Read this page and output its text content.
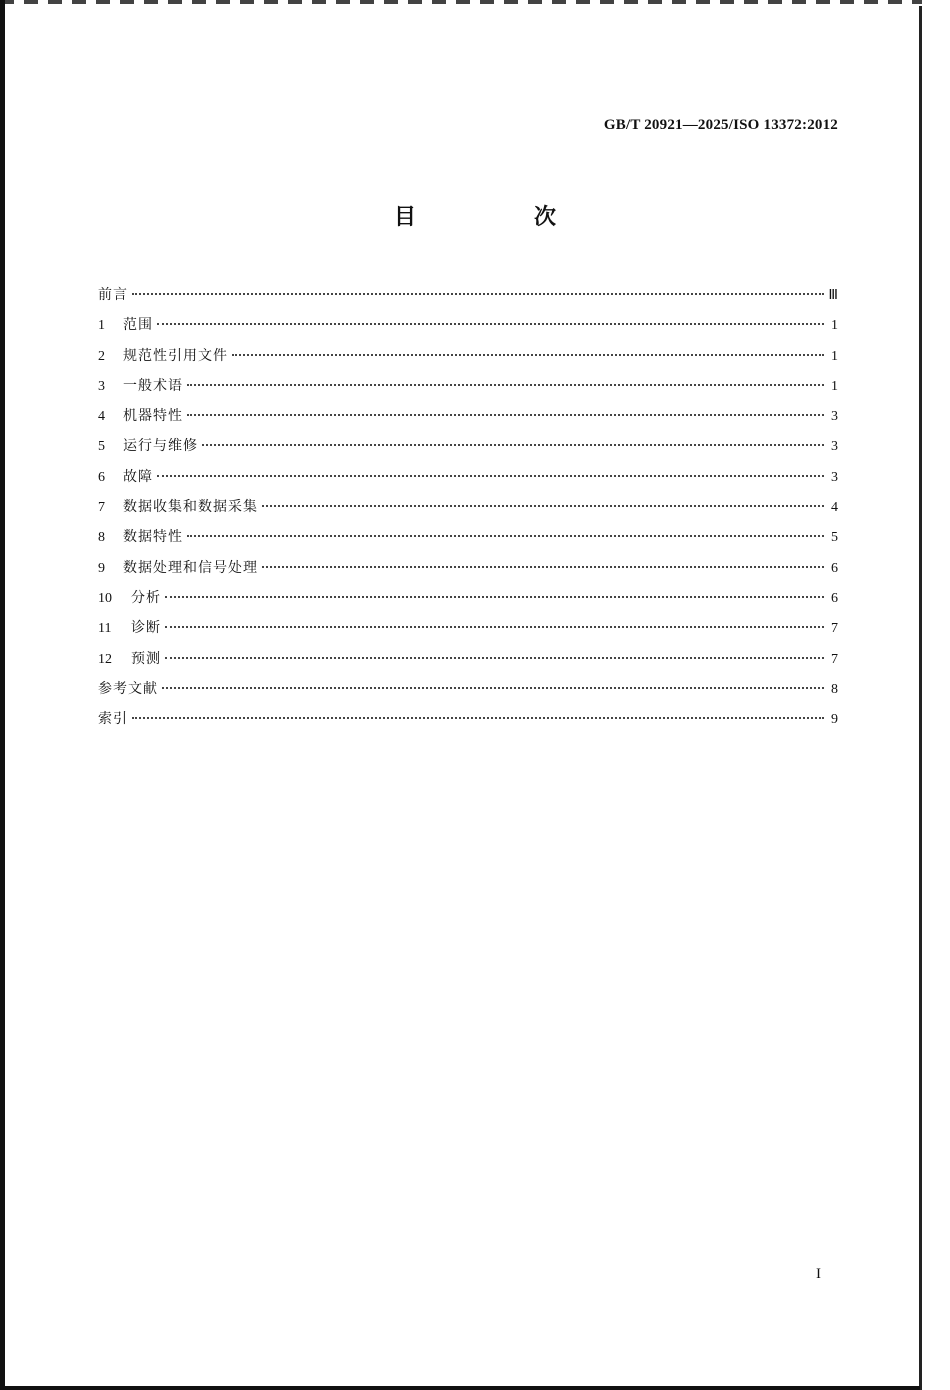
GB/T 20921—2025/ISO 13372:2012
目　次
前言	Ⅲ
1	范围	1
2	规范性引用文件	1
3	一般术语	1
4	机器特性	3
5	运行与维修	3
6	故障	3
7	数据收集和数据采集	4
8	数据特性	5
9	数据处理和信号处理	6
10	分析	6
11	诊断	7
12	预测	7
参考文献	8
索引	9
I
